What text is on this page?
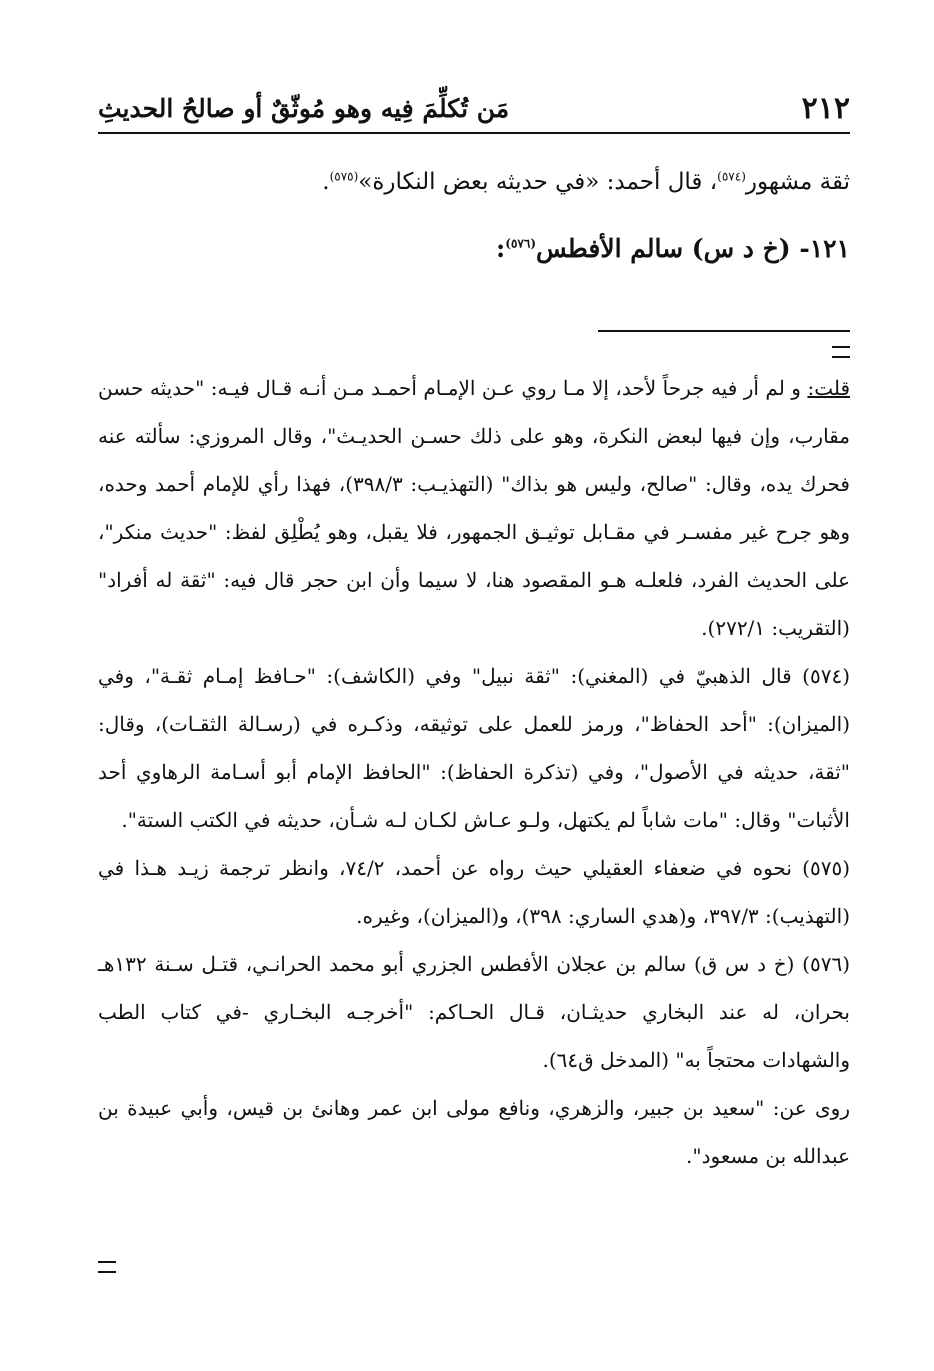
٢١٢
مَن تُكلِّمَ فِيه وهو مُوثّقٌ أو صالحُ الحديثِ
ثقة مشهور$^{(٥٧٤)}$، قال أحمد: «في حديثه بعض النكارة»$^{(٥٧٥)}$.
١٢١- (خ د س) سالم الأفطس$^{(٥٧٦)}$:
قلت: و لم أر فيه جرحاً لأحد، إلا مـا روي عـن الإمـام أحمـد مـن أنـه قـال فيـه: "حديثه حسن مقارب، وإن فيها لبعض النكرة، وهو على ذلك حسـن الحديـث"، وقال المروزي: سألته عنه فحرك يده، وقال: "صالح، وليس هو بذاك" (التهذيـب: ٣٩٨/٣)، فهذا رأي للإمام أحمد وحده، وهو جرح غير مفسـر في مقـابل توثيـق الجمهور، فلا يقبل، وهو يُطْلِق لفظ: "حديث منكر"، على الحديث الفرد، فلعلـه هـو المقصود هنا، لا سيما وأن ابن حجر قال فيه: "ثقة له أفراد" (التقريب: ٢٧٢/١).
(٥٧٤) قال الذهبيّ في (المغني): "ثقة نبيل" وفي (الكاشف): "حـافظ إمـام ثقـة"، وفي (الميزان): "أحد الحفاظ"، ورمز للعمل على توثيقه، وذكـره في (رسـالة الثقـات)، وقال: "ثقة، حديثه في الأصول"، وفي (تذكرة الحفاظ): "الحافظ الإمام أبو أسـامة الرهاوي أحد الأثبات" وقال: "مات شاباً لم يكتهل، ولـو عـاش لكـان لـه شـأن، حديثه في الكتب الستة".
(٥٧٥) نحوه في ضعفاء العقيلي حيث رواه عن أحمد، ٧٤/٢، وانظر ترجمة زيـد هـذا في (التهذيب): ٣٩٧/٣، و(هدي الساري: ٣٩٨)، و(الميزان)، وغيره.
(٥٧٦) (خ د س ق) سالم بن عجلان الأفطس الجزري أبو محمد الحرانـي، قتـل سـنة ١٣٢هـ بحران، له عند البخاري حديثـان، قـال الحـاكم: "أخرجـه البخـاري -في كتاب الطب والشهادات محتجاً به" (المدخل ق٦٤).
روى عن: "سعيد بن جبير، والزهري، ونافع مولى ابن عمر وهانئ بن قيس، وأبي عبيدة بن عبدالله بن مسعود".
